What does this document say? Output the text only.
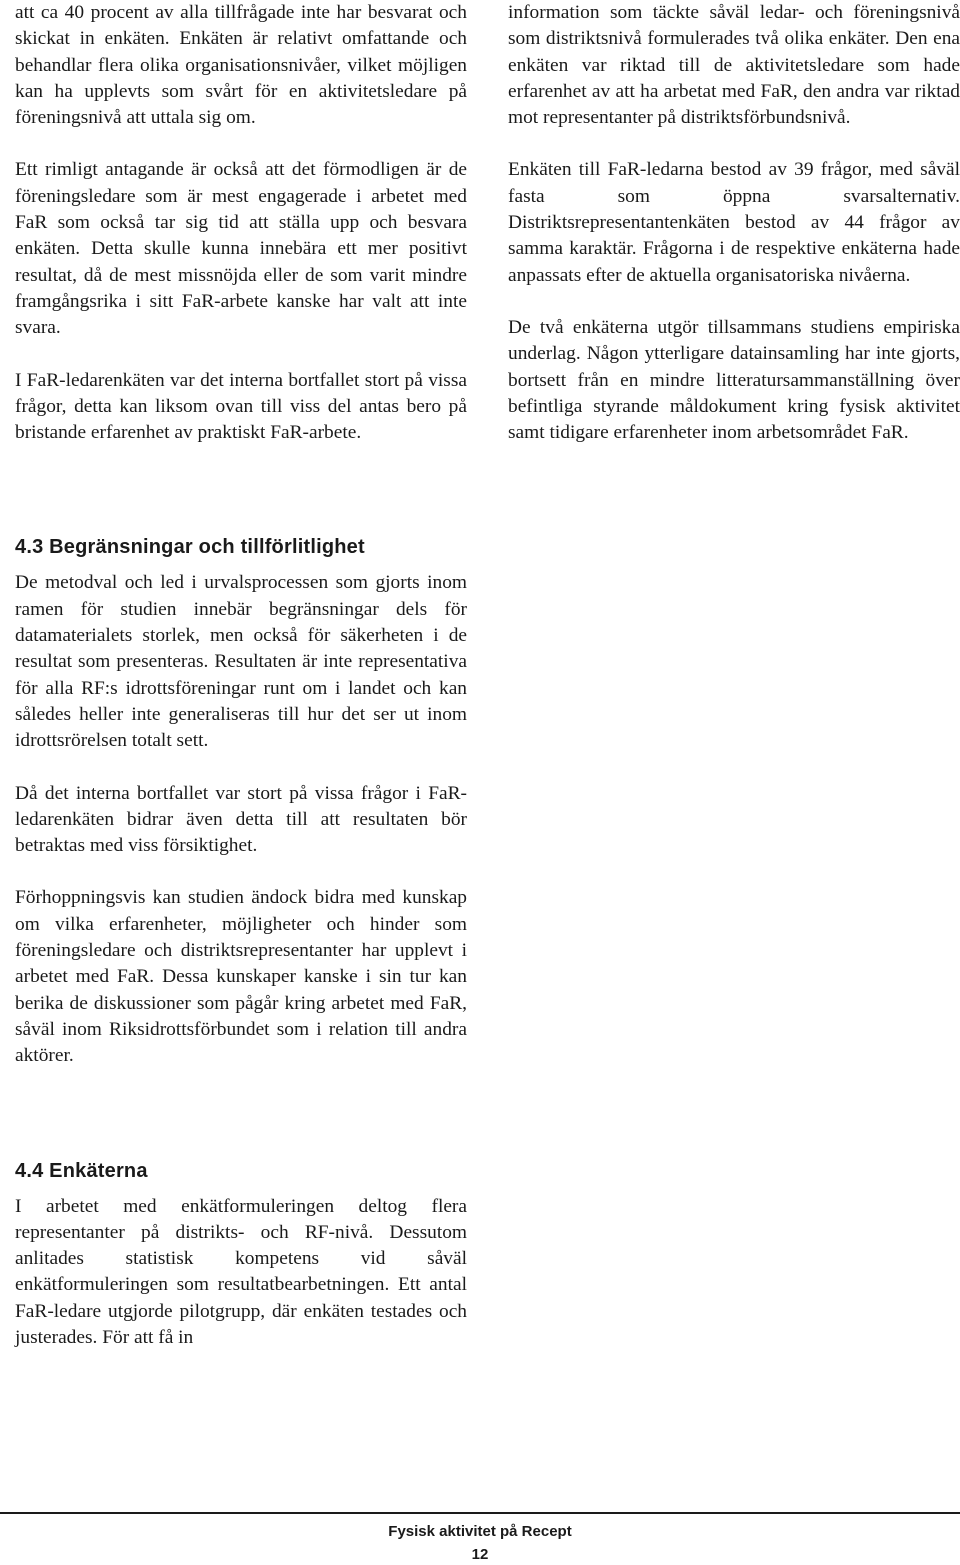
att ca 40 procent av alla tillfrågade inte har besvarat och skickat in enkäten. Enkäten är relativt omfattande och behandlar flera olika organisationsnivåer, vilket möjligen kan ha upplevts som svårt för en aktivitetsledare på föreningsnivå att uttala sig om.

Ett rimligt antagande är också att det förmodligen är de föreningsledare som är mest engagerade i arbetet med FaR som också tar sig tid att ställa upp och besvara enkäten. Detta skulle kunna innebära ett mer positivt resultat, då de mest missnöjda eller de som varit mindre framgångsrika i sitt FaR-arbete kanske har valt att inte svara.

I FaR-ledarenkäten var det interna bortfallet stort på vissa frågor, detta kan liksom ovan till viss del antas bero på bristande erfarenhet av praktiskt FaR-arbete.

4.3 Begränsningar och tillförlitlighet

De metodval och led i urvalsprocessen som gjorts inom ramen för studien innebär begränsningar dels för datamaterialets storlek, men också för säkerheten i de resultat som presenteras. Resultaten är inte representativa för alla RF:s idrottsföreningar runt om i landet och kan således heller inte generaliseras till hur det ser ut inom idrottsrörelsen totalt sett.

Då det interna bortfallet var stort på vissa frågor i FaR-ledarenkäten bidrar även detta till att resultaten bör betraktas med viss försiktighet.

Förhoppningsvis kan studien ändock bidra med kunskap om vilka erfarenheter, möjligheter och hinder som föreningsledare och distriktsrepresentanter har upplevt i arbetet med FaR. Dessa kunskaper kanske i sin tur kan berika de diskussioner som pågår kring arbetet med FaR, såväl inom Riksidrottsförbundet som i relation till andra aktörer.

4.4 Enkäterna

I arbetet med enkätformuleringen deltog flera representanter på distrikts- och RF-nivå. Dessutom anlitades statistisk kompetens vid såväl enkätformuleringen som resultatbearbetningen. Ett antal FaR-ledare utgjorde pilotgrupp, där enkäten testades och justerades. För att få in

information som täckte såväl ledar- och föreningsnivå som distriktsnivå formulerades två olika enkäter. Den ena enkäten var riktad till de aktivitetsledare som hade erfarenhet av att ha arbetat med FaR, den andra var riktad mot representanter på distriktsförbundsnivå.

Enkäten till FaR-ledarna bestod av 39 frågor, med såväl fasta som öppna svarsalternativ. Distriktsrepresentantenkäten bestod av 44 frågor av samma karaktär. Frågorna i de respektive enkäterna hade anpassats efter de aktuella organisatoriska nivåerna.

De två enkäterna utgör tillsammans studiens empiriska underlag. Någon ytterligare datainsamling har inte gjorts, bortsett från en mindre litteratursammanställning över befintliga styrande måldokument kring fysisk aktivitet samt tidigare erfarenheter inom arbetsområdet FaR.

Fysisk aktivitet på Recept
12
